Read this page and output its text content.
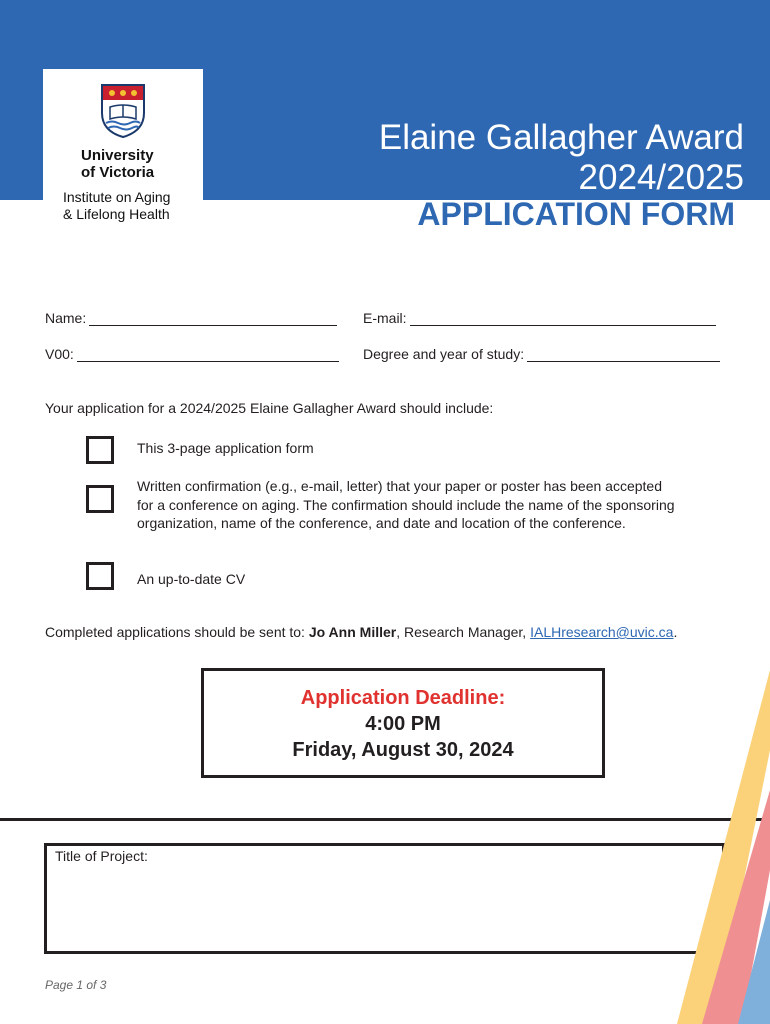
University
of Victoria
Institute on Aging
& Lifelong Health
Elaine Gallagher Award
2024/2025
APPLICATION FORM
Name:	E-mail:
V00:	Degree and year of study:
Your application for a 2024/2025 Elaine Gallagher Award should include:
This 3-page application form
Written confirmation (e.g., e-mail, letter) that your paper or poster has been accepted for a conference on aging. The confirmation should include the name of the sponsoring organization, name of the conference, and date and location of the conference.
An up-to-date CV
Completed applications should be sent to: Jo Ann Miller, Research Manager, IALHresearch@uvic.ca.
Application Deadline:
4:00 PM
Friday, August 30, 2024
Title of Project:
Page 1 of 3
